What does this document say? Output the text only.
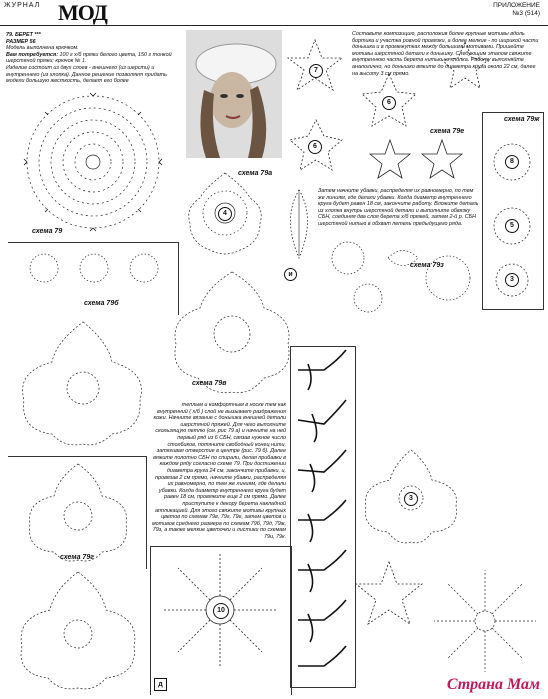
ЖУРНАЛ МОД	ПРИЛОЖЕНИЕ
№3 (514)
79. БЕРЕТ ***
РАЗМЕР 56
Модель выполнена крючком.
Вам потребуется: 100 г х/б пряжи белого цвета, 150 г тонкой шерстяной пряжи; крючок № 1.
Изделие состоит из двух слоев - внешнего (из шерсти) и внутреннего (из хлопка). Данное решение позволяет придать модели большую жесткость, делает его более
Составьте композицию, расположив более крупные мотивы вдоль бортика и участка ровной провязки, а более мелкие - по ширикой части донышка и в промежутках между большими мотивами. Пришейте мотивы шерстяной детали к донышку. Следующим этапом свяжите внутреннюю часть берета нитью из хлопка. Работу выполняйте аналогично, но донышко вяжите до диаметра круга около 22 см, далее на высоту 3 см прямо.
схема 79
4
схема 79а
7
6
6
схема 79е
схема 79ж
8
5
3
Затем начните убавки, распределяя их равномерно, по тем же линиям, где делали убавки. Когда диаметр внутреннего круга будет равен 18 см, закончите работу. Вложите деталь из хлопка внутрь шерстяной детали и выполните обвязку СБН, соединяя два слоя берета х/б пряжей, затем 2-й р. СБН шерстяной нитью в обхват петель предыдущего ряда.
и
схема 79з
схема 79б
схема 79в
теплым и комфортным в носке тем как внутренний ( х/б ) слой не вызывает раздражения кожи. Начните вязание с донышка внешней детали шерстяной пряжей. Для чего выполните скользящую петлю (см. рис 79 а) и начните на ней первый ряд из 6 СБН, связав нужное число столбиков, потяните свободный конец нити, затягивая отверстие в центре (рис. 79 б). Далее вяжите полотно СБН по спирали, делая прибавки в каждом ряду согласно схеме 79. При достижении диаметра круга 24 см, закончите прибавки, и, провязав 2 см прямо, начните убавки, распределяя их равномерно, по тем же линиям, где делали убавки. Когда диаметр внутреннего круга будет равен 18 см, провяжите еще 2 см прямо. Далее приступите к декору берета накладной аппликацией. Для этого свяжите мотивы крупных цветов по схемам 79в, 79г, 79е, затем цветов и мотивов среднего размера по схемам 79б, 79д, 79ж, 79з, а также мелкие цветочки и листики по схемам 79и, 79к.
схема 79г
10
д
3
Страна Мам
